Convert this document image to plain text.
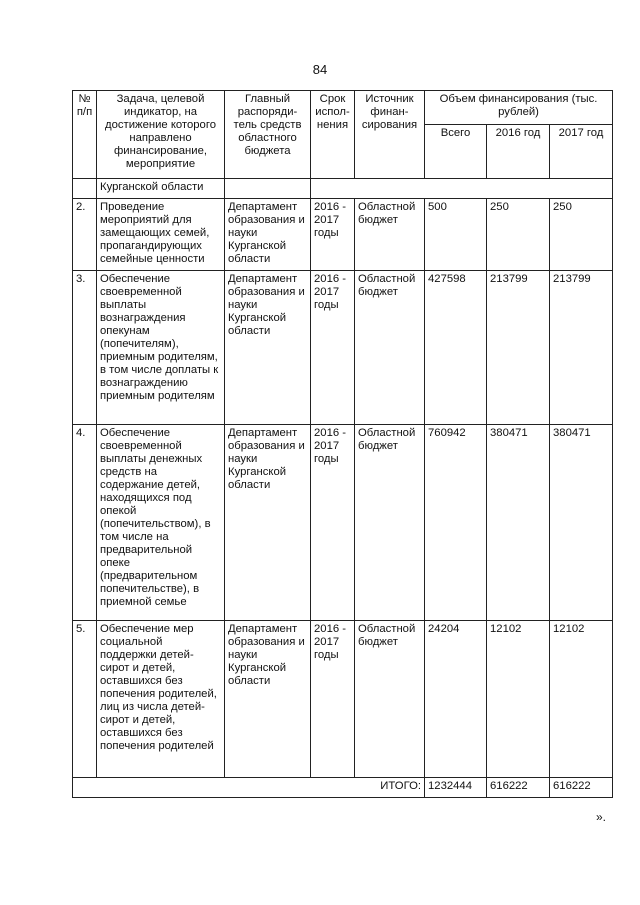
84
№ п/п	Задача, целевой индикатор, на достижение которого направлено финансирование, мероприятие	Главный распоряди- тель средств областного бюджета	Срок испол- нения	Источник финан- сирования	Объем финансирования (тыс. рублей)		
					Всего	2016 год	2017 год
	Курганской области						
2.	Проведение мероприятий для замещающих семей, пропагандирующих семейные ценности	Департамент образования и науки Курганской области	2016 - 2017 годы	Областной бюджет	500	250	250
3.	Обеспечение своевременной выплаты вознаграждения опекунам (попечителям), приемным родителям, в том числе доплаты к вознаграждению приемным родителям	Департамент образования и науки Курганской области	2016 - 2017 годы	Областной бюджет	427598	213799	213799
4.	Обеспечение своевременной выплаты денежных средств на содержание детей, находящихся под опекой (попечительством), в том числе на предварительной опеке (предварительном попечительстве), в приемной семье	Департамент образования и науки Курганской области	2016 - 2017 годы	Областной бюджет	760942	380471	380471
5.	Обеспечение мер социальной поддержки детей-сирот и детей, оставшихся без попечения родителей, лиц из числа детей-сирот и детей, оставшихся без попечения родителей	Департамент образования и науки Курганской области	2016 - 2017 годы	Областной бюджет	24204	12102	12102
ИТОГО:					1232444	616222	616222
».
